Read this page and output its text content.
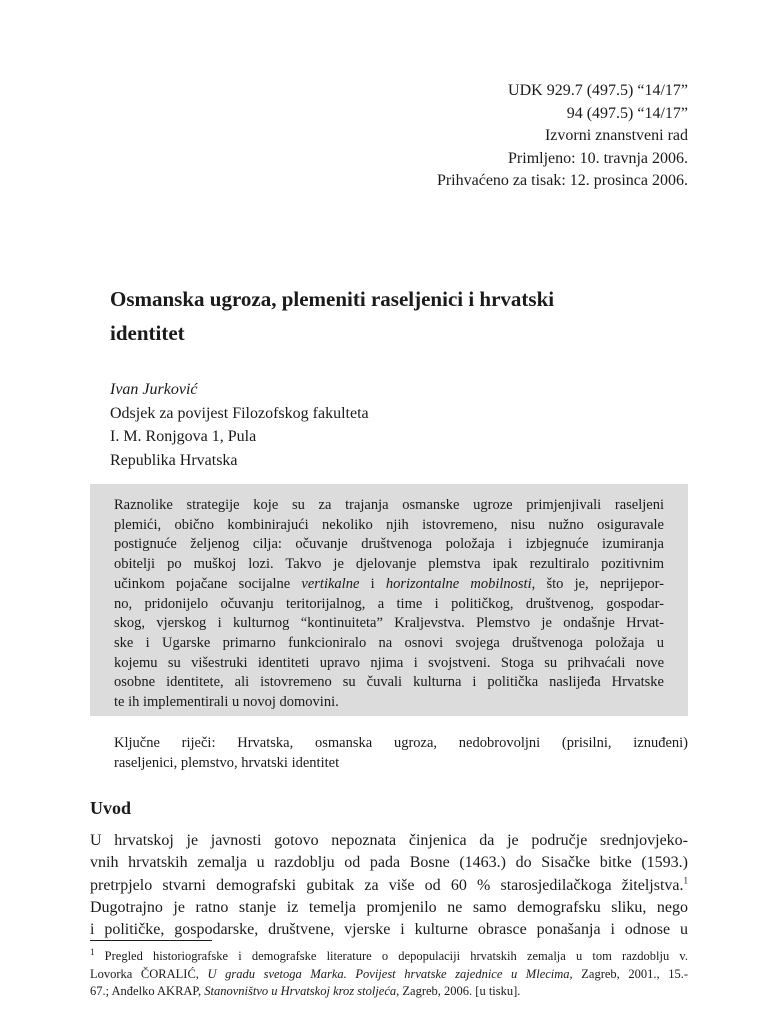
UDK 929.7 (497.5) “14/17”
94 (497.5) “14/17”
Izvorni znanstveni rad
Primljeno: 10. travnja 2006.
Prihvaćeno za tisak: 12. prosinca 2006.
Osmanska ugroza, plemeniti raseljenici i hrvatski
identitet
Ivan Jurković
Odsjek za povijest Filozofskog fakulteta
I. M. Ronjgova 1, Pula
Republika Hrvatska
Raznolike strategije koje su za trajanja osmanske ugroze primjenjivali raseljeni
plemići, obično kombinirajući nekoliko njih istovremeno, nisu nužno osiguravale
postignuće željenog cilja: očuvanje društvenoga položaja i izbjegnuće izumiranja
obitelji po muškoj lozi. Takvo je djelovanje plemstva ipak rezultiralo pozitivnim
učinkom pojačane socijalne vertikalne i horizontalne mobilnosti, što je, neprijepor-
no, pridonijelo očuvanju teritorijalnog, a time i političkog, društvenog, gospodar-
skog, vjerskog i kulturnog “kontinuiteta” Kraljevstva. Plemstvo je ondašnje Hrvat-
ske i Ugarske primarno funkcioniralo na osnovi svojega društvenoga položaja u
kojemu su višestruki identiteti upravo njima i svojstveni. Stoga su prihvaćali nove
osobne identitete, ali istovremeno su čuvali kulturna i politička naslijeđa Hrvatske
te ih implementirali u novoj domovini.
Ključne riječi: Hrvatska, osmanska ugroza, nedobrovoljni (prisilni, iznuđeni)
raseljenici, plemstvo, hrvatski identitet
Uvod
U hrvatskoj je javnosti gotovo nepoznata činjenica da je područje srednjovjeko-
vnih hrvatskih zemalja u razdoblju od pada Bosne (1463.) do Sisačke bitke (1593.)
pretrpjelo stvarni demografski gubitak za više od 60 % starosjedilačkoga žiteljstva.$^1$
Dugotrajno je ratno stanje iz temelja promjenilo ne samo demografsku sliku, nego
i političke, gospodarske, društvene, vjerske i kulturne obrasce ponašanja i odnose u
$^1$ Pregled historiografske i demografske literature o depopulaciji hrvatskih zemalja u tom razdoblju v.
Lovorka ČORALIĆ, U gradu svetoga Marka. Povijest hrvatske zajednice u Mlecima, Zagreb, 2001., 15.-
67.; Anđelko AKRAP, Stanovništvo u Hrvatskoj kroz stoljeća, Zagreb, 2006. [u tisku].
